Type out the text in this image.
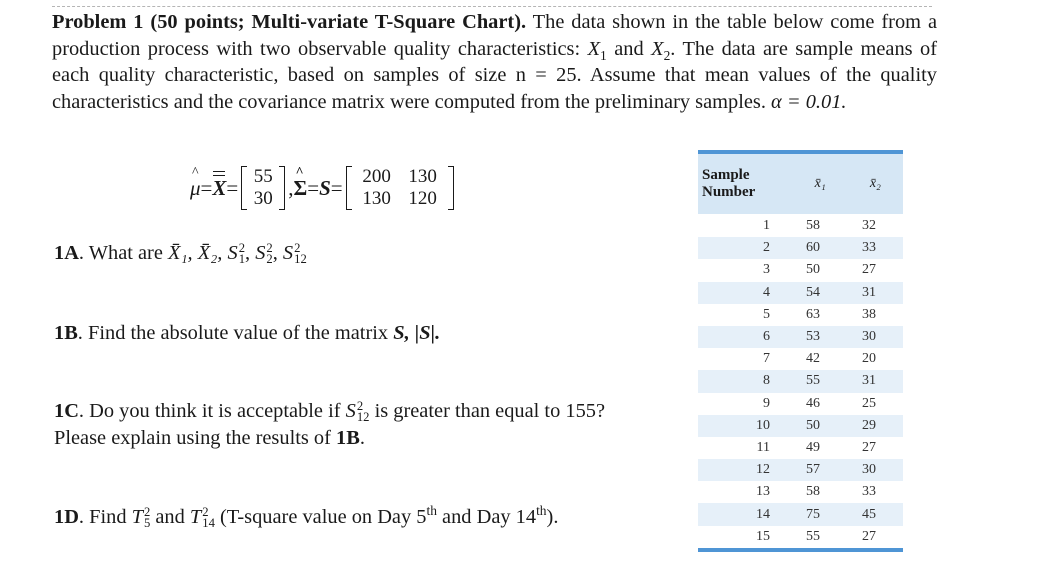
Problem 1 (50 points; Multi-variate T-Square Chart). The data shown in the table below come from a production process with two observable quality characteristics: $X_1$ and $X_2$. The data are sample means of each quality characteristic, based on samples of size n = 25. Assume that mean values of the quality characteristics and the covariance matrix were computed from the preliminary samples. α = 0.01.
μ
^
= X = 55
30 , Σ
^
= S =	200 130
130 120
1A. What are X̄̄₁, X̄̄₂, S 2
1 , S 2
2 , S 2
12
1B. Find the absolute value of the matrix S, |S|.
1C. Do you think it is acceptable if S 2
12 is greater than equal to 155?
Please explain using the results of 1B.
1D. Find T 2
5 and T 2
14 (T-square value on Day 5th and Day 14th).
Sample
Number
x̄₁	x̄₂
1	58	32
2	60	33
3	50	27
4	54	31
5	63	38
6	53	30
7	42	20
8	55	31
9	46	25
10	50	29
11	49	27
12	57	30
13	58	33
14	75	45
15	55	27
